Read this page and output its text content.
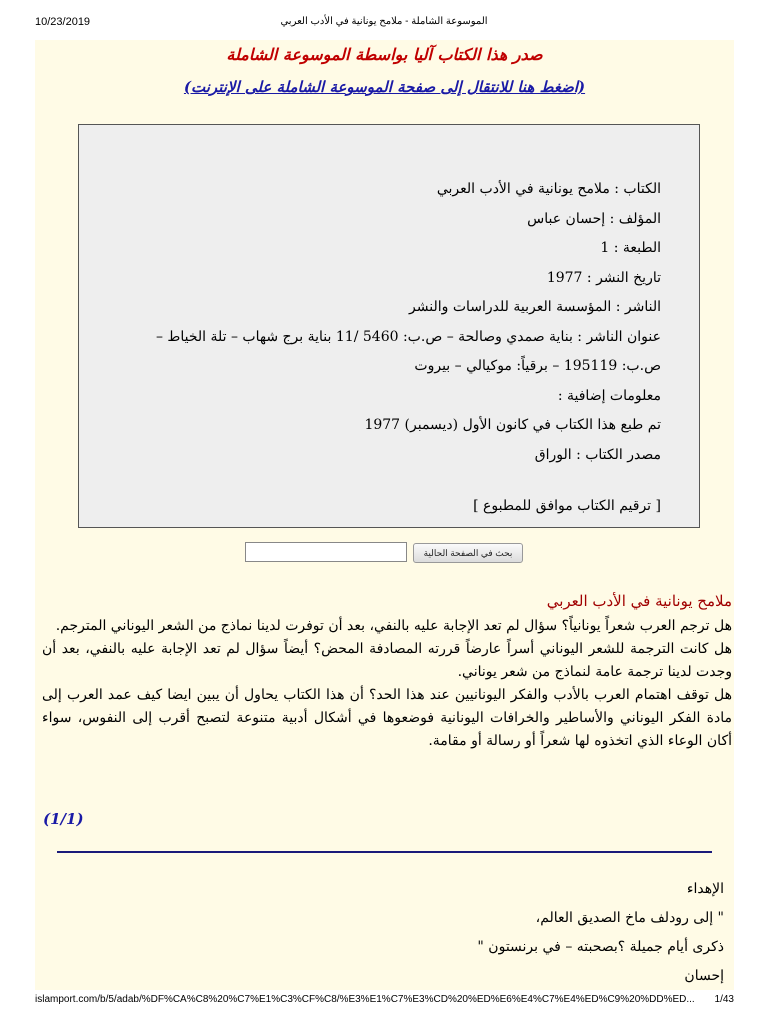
10/23/2019	الموسوعة الشاملة - ملامح يونانية في الأدب العربي
صدر هذا الكتاب آليا بواسطة الموسوعة الشاملة
(اضغط هنا للانتقال إلى صفحة الموسوعة الشاملة على الإنترنت)
الكتاب : ملامح يونانية في الأدب العربي
المؤلف : إحسان عباس
الطبعة : 1
تاريخ النشر : 1977
الناشر : المؤسسة العربية للدراسات والنشر
عنوان الناشر : بناية صمدي وصالحة – ص.ب: 5460 /11 بناية برج شهاب – تلة الخياط –
ص.ب: 195119 – برقياً: موكيالي – بيروت
معلومات إضافية :
تم طبع هذا الكتاب في كانون الأول (ديسمبر) 1977
مصدر الكتاب : الوراق
[ ترقيم الكتاب موافق للمطبوع ]
بحث في الصفحة الحالية
ملامح يونانية في الأدب العربي

هل ترجم العرب شعراً يونانياً؟ سؤال لم تعد الإجابة عليه بالنفي، بعد أن توفرت لدينا نماذج من الشعر اليوناني المترجم.

هل كانت الترجمة للشعر اليوناني أسراً عارضاً قررته المصادفة المحض؟ أيضاً سؤال لم تعد الإجابة عليه بالنفي، بعد أن وجدت لدينا ترجمة عامة لنماذج من شعر يوناني.

هل توقف اهتمام العرب بالأدب والفكر اليونانيين عند هذا الحد؟ أن هذا الكتاب يحاول أن يبين ايضا كيف عمد العرب إلى مادة الفكر اليوناني والأساطير والخرافات اليونانية فوضعوها في أشكال أدبية متنوعة لتصبح أقرب إلى النفوس، سواء أكان الوعاء الذي اتخذوه لها شعراً أو رسالة أو مقامة.

(1/1)
الإهداء
" إلى رودلف ماخ الصديق العالم،
ذكرى أيام جميلة ؟بصحبته – في برنستون "
إحسان
islamport.com/b/5/adab/%DF%CA%C8%20%C7%E1%C3%CF%C8/%E3%E1%C7%E3%CD%20%ED%E6%E4%C7%E4%ED%C9%20%DD%ED... 1/43
